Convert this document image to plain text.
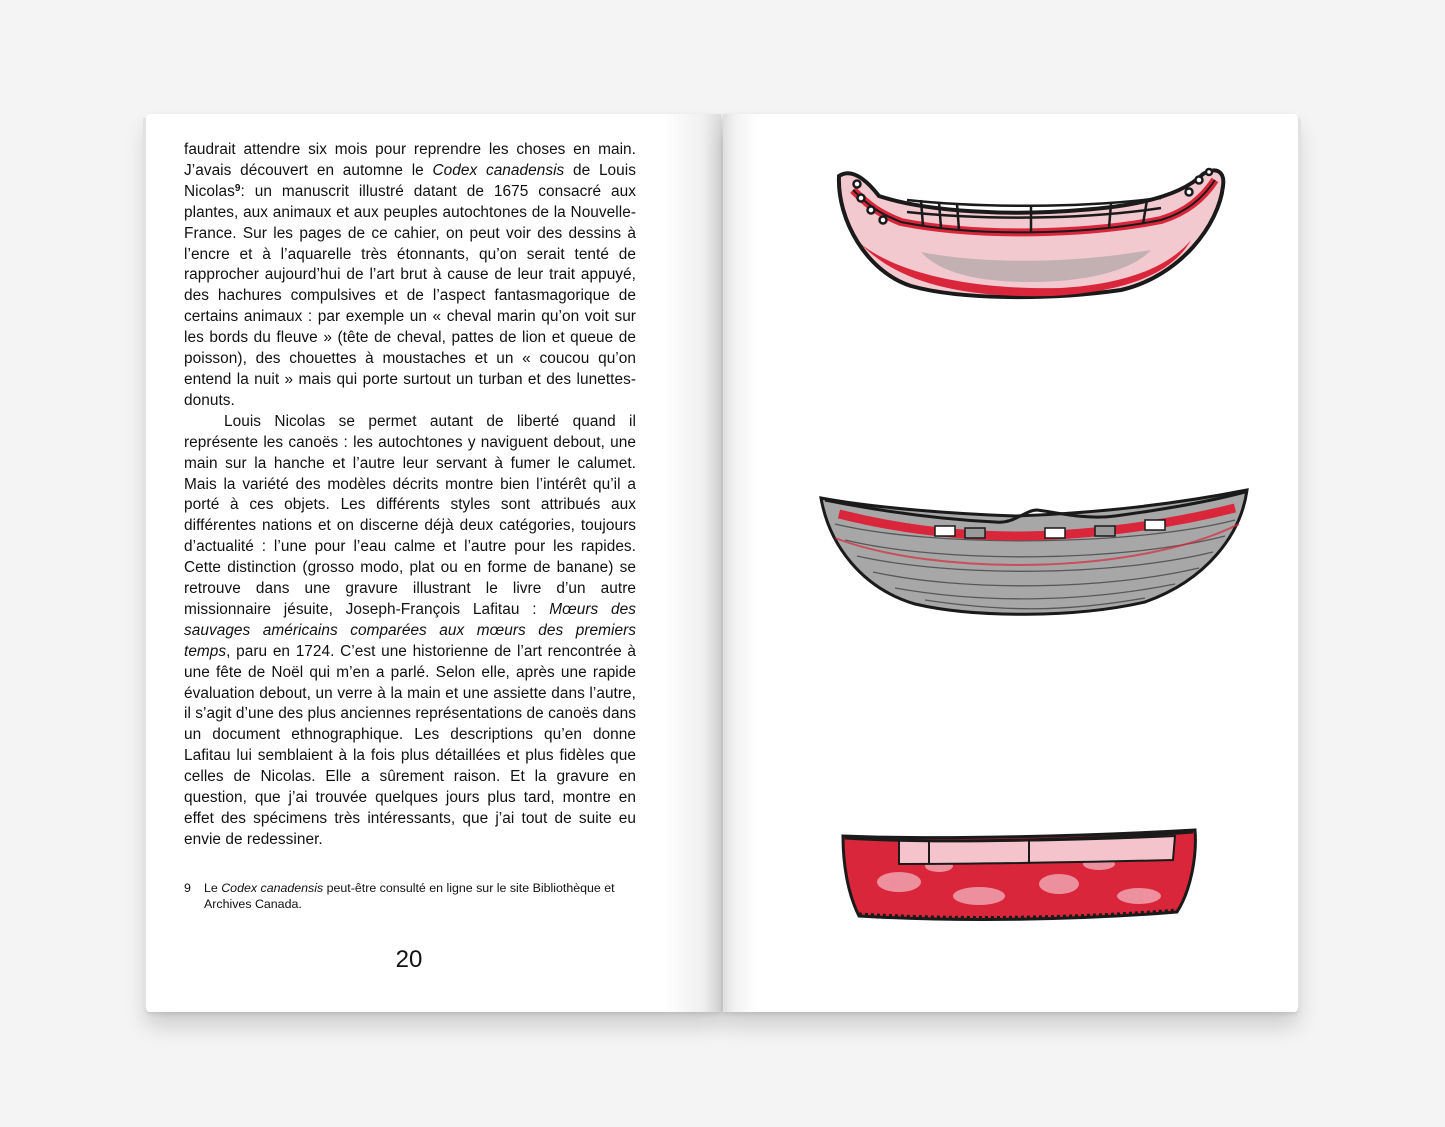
faudrait attendre six mois pour reprendre les choses en main. J’avais découvert en automne le Codex canadensis de Louis Nicolas$^9$: un manuscrit illustré datant de 1675 consacré aux plantes, aux animaux et aux peuples autochtones de la Nouvelle-France. Sur les pages de ce cahier, on peut voir des dessins à l’encre et à l’aquarelle très étonnants, qu’on serait tenté de rapprocher aujourd’hui de l’art brut à cause de leur trait appuyé, des hachures compulsives et de l’aspect fantasmagorique de certains animaux : par exemple un « cheval marin qu’on voit sur les bords du fleuve » (tête de cheval, pattes de lion et queue de poisson), des chouettes à moustaches et un « coucou qu’on entend la nuit » mais qui porte surtout un turban et des lunettes-donuts.

Louis Nicolas se permet autant de liberté quand il représente les canoës : les autochtones y naviguent debout, une main sur la hanche et l’autre leur servant à fumer le calumet. Mais la variété des modèles décrits montre bien l’intérêt qu’il a porté à ces objets. Les différents styles sont attribués aux différentes nations et on discerne déjà deux catégories, toujours d’actualité : l’une pour l’eau calme et l’autre pour les rapides. Cette distinction (grosso modo, plat ou en forme de banane) se retrouve dans une gravure illustrant le livre d’un autre missionnaire jésuite, Joseph-François Lafitau : Mœurs des sauvages américains comparées aux mœurs des premiers temps, paru en 1724. C’est une historienne de l’art rencontrée à une fête de Noël qui m’en a parlé. Selon elle, après une rapide évaluation debout, un verre à la main et une assiette dans l’autre, il s’agit d’une des plus anciennes représentations de canoës dans un document ethnographique. Les descriptions qu’en donne Lafitau lui semblaient à la fois plus détaillées et plus fidèles que celles de Nicolas. Elle a sûrement raison. Et la gravure en question, que j’ai trouvée quelques jours plus tard, montre en effet des spécimens très intéressants, que j’ai tout de suite eu envie de redessiner.

9	Le Codex canadensis peut-être consulté en ligne sur le site Bibliothèque et Archives Canada.
20
